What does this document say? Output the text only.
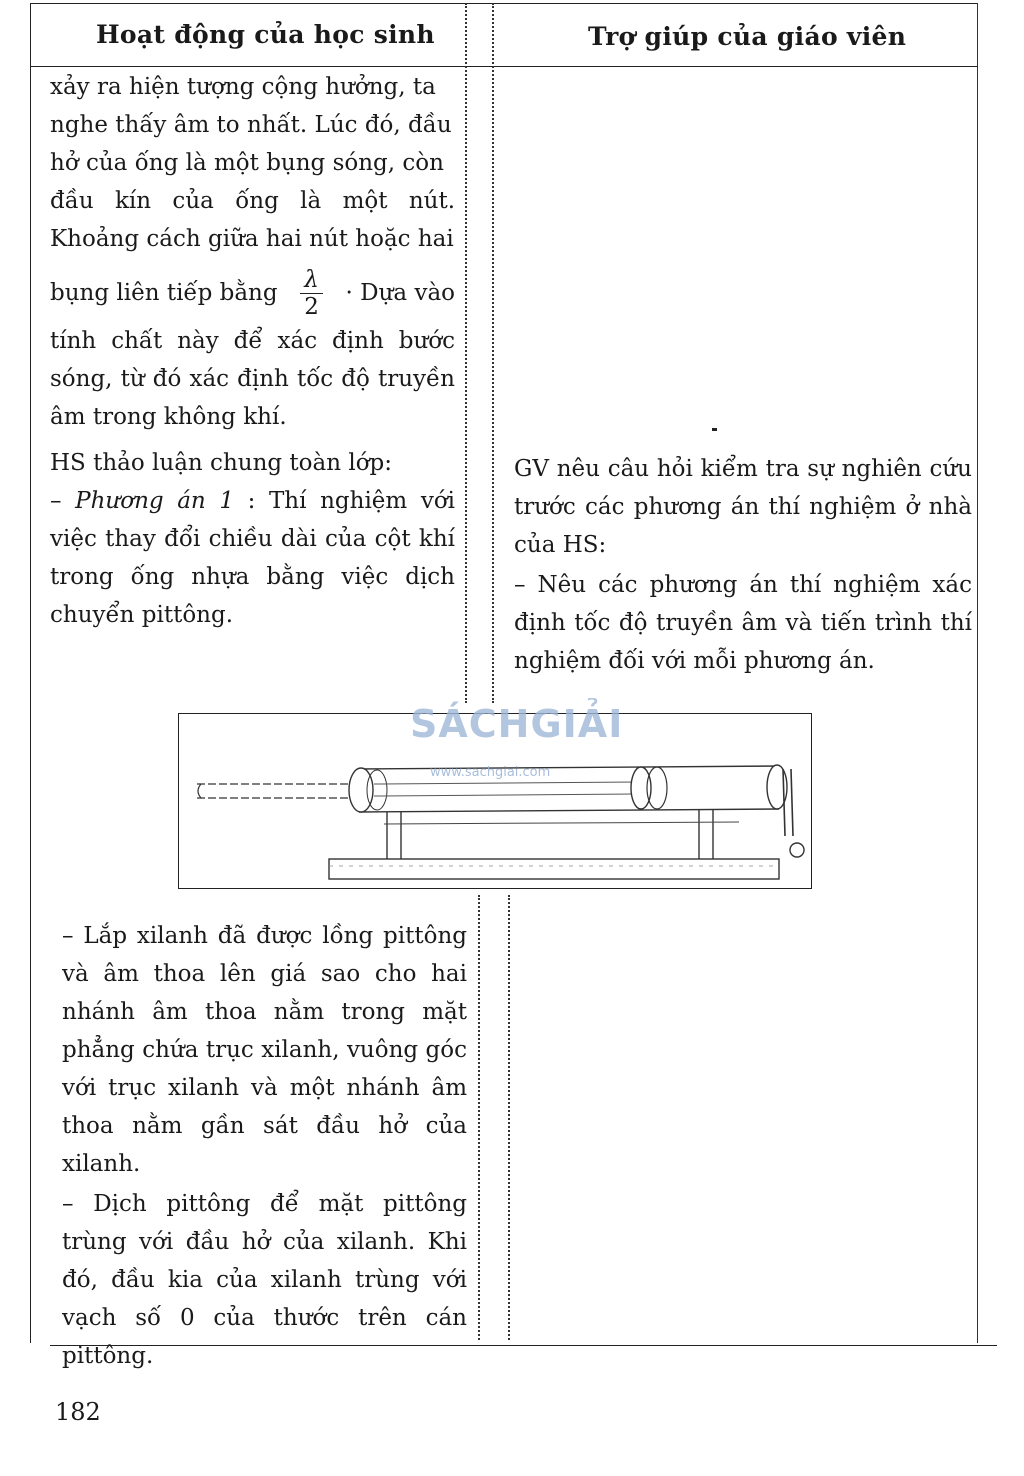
Hoạt động của học sinh	Trợ giúp của giáo viên

xảy ra hiện tượng cộng hưởng, ta
nghe thấy âm to nhất. Lúc đó, đầu
hở của ống là một bụng sóng, còn
đầu kín của ống là một nút.
Khoảng cách giữa hai nút hoặc hai

bụng liên tiếp bằng $\frac{\lambda}{2}$ · Dựa vào

tính chất này để xác định bước sóng, từ đó xác định tốc độ truyền âm trong không khí.

HS thảo luận chung toàn lớp:

– Phương án 1 : Thí nghiệm với việc thay đổi chiều dài của cột khí trong ống nhựa bằng việc dịch chuyển pittông.

GV nêu câu hỏi kiểm tra sự nghiên cứu trước các phương án thí nghiệm ở nhà của HS:

– Nêu các phương án thí nghiệm xác định tốc độ truyền âm và tiến trình thí nghiệm đối với mỗi phương án.

SÁCHGIẢI
www.sachgiai.com

– Lắp xilanh đã được lồng pittông và âm thoa lên giá sao cho hai nhánh âm thoa nằm trong mặt phẳng chứa trục xilanh, vuông góc với trục xilanh và một nhánh âm thoa nằm gần sát đầu hở của xilanh.

– Dịch pittông để mặt pittông trùng với đầu hở của xilanh. Khi đó, đầu kia của xilanh trùng với vạch số 0 của thước trên cán pittông.

182
